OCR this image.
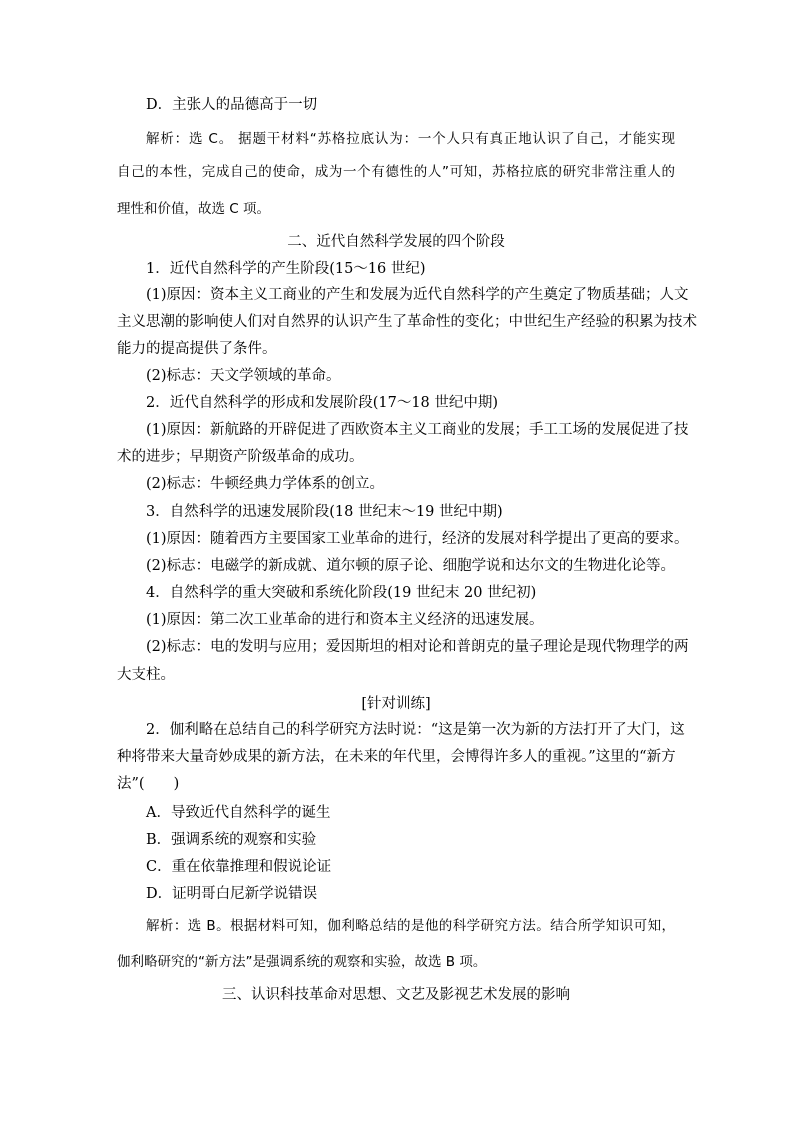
D．主张人的品德高于一切
解析：选 C。 据题干材料“苏格拉底认为：一个人只有真正地认识了自己，才能实现
自己的本性，完成自己的使命，成为一个有德性的人”可知，苏格拉底的研究非常注重人的
理性和价值，故选 C 项。
二、近代自然科学发展的四个阶段
1．近代自然科学的产生阶段(15～16 世纪)
(1)原因：资本主义工商业的产生和发展为近代自然科学的产生奠定了物质基础；人文
主义思潮的影响使人们对自然界的认识产生了革命性的变化；中世纪生产经验的积累为技术
能力的提高提供了条件。
(2)标志：天文学领域的革命。
2．近代自然科学的形成和发展阶段(17～18 世纪中期)
(1)原因：新航路的开辟促进了西欧资本主义工商业的发展；手工工场的发展促进了技
术的进步；早期资产阶级革命的成功。
(2)标志：牛顿经典力学体系的创立。
3．自然科学的迅速发展阶段(18 世纪末～19 世纪中期)
(1)原因：随着西方主要国家工业革命的进行，经济的发展对科学提出了更高的要求。
(2)标志：电磁学的新成就、道尔顿的原子论、细胞学说和达尔文的生物进化论等。
4．自然科学的重大突破和系统化阶段(19 世纪末 20 世纪初)
(1)原因：第二次工业革命的进行和资本主义经济的迅速发展。
(2)标志：电的发明与应用；爱因斯坦的相对论和普朗克的量子理论是现代物理学的两
大支柱。
[针对训练]
2．伽利略在总结自己的科学研究方法时说：“这是第一次为新的方法打开了大门，这
种将带来大量奇妙成果的新方法，在未来的年代里，会博得许多人的重视。”这里的“新方
法”(　　)
A．导致近代自然科学的诞生
B．强调系统的观察和实验
C．重在依靠推理和假说论证
D．证明哥白尼新学说错误
解析：选 B。根据材料可知，伽利略总结的是他的科学研究方法。结合所学知识可知，
伽利略研究的“新方法”是强调系统的观察和实验，故选 B 项。
三、认识科技革命对思想、文艺及影视艺术发展的影响
